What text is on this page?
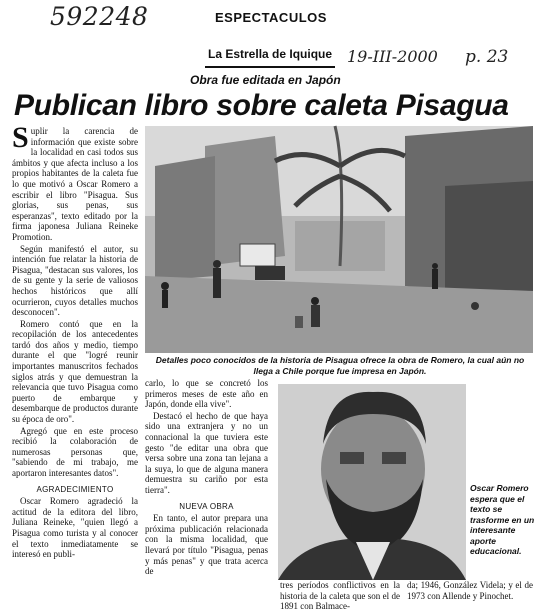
592248
19-III-2000 p. 23
ESPECTACULOS
La Estrella de Iquique
Obra fue editada en Japón
Publican libro sobre caleta Pisagua

Suplir la carencia de información que existe sobre la localidad en casi todos sus ámbitos y que afecta incluso a los propios habitantes de la caleta fue lo que motivó a Oscar Romero a escribir el libro "Pisagua. Sus glorias, sus penas, sus esperanzas", texto editado por la firma japonesa Juliana Reineke Promotion.

Según manifestó el autor, su intención fue relatar la historia de Pisagua, "destacan sus valores, los de su gente y la serie de valiosos hechos históricos que allí ocurrieron, cuyos detalles muchos desconocen".

Romero contó que en la recopilación de los antecedentes tardó dos años y medio, tiempo durante el que "logré reunir importantes manuscritos fechados siglos atrás y que demuestran la relevancia que tuvo Pisagua como puerto de embarque y desembarque de productos durante su época de oro".

Agregó que en este proceso recibió la colaboración de numerosas personas que, "sabiendo de mi trabajo, me aportaron interesantes datos".

AGRADECIMIENTO

Oscar Romero agradeció la actitud de la editora del libro, Juliana Reineke, "quien llegó a Pisagua como turista y al conocer el texto inmediatamente se interesó en publi-

Detalles poco conocidos de la historia de Pisagua ofrece la obra de Romero, la cual aún no llega a Chile porque fue impresa en Japón.

carlo, lo que se concretó los primeros meses de este año en Japón, donde ella vive".

Destacó el hecho de que haya sido una extranjera y no un connacional la que tuviera este gesto "de editar una obra que versa sobre una zona tan lejana a la suya, lo que de alguna manera demuestra su cariño por esta tierra".

NUEVA OBRA

En tanto, el autor prepara una próxima publicación relacionada con la misma localidad, que llevará por título "Pisagua, penas y más penas" y que trata acerca de

Oscar Romero espera que el texto se trasforme en un interesante aporte educacional.

tres períodos conflictivos en la historia de la caleta que son el de 1891 con Balmace-

da; 1946, González Videla; y el de 1973 con Allende y Pinochet.
